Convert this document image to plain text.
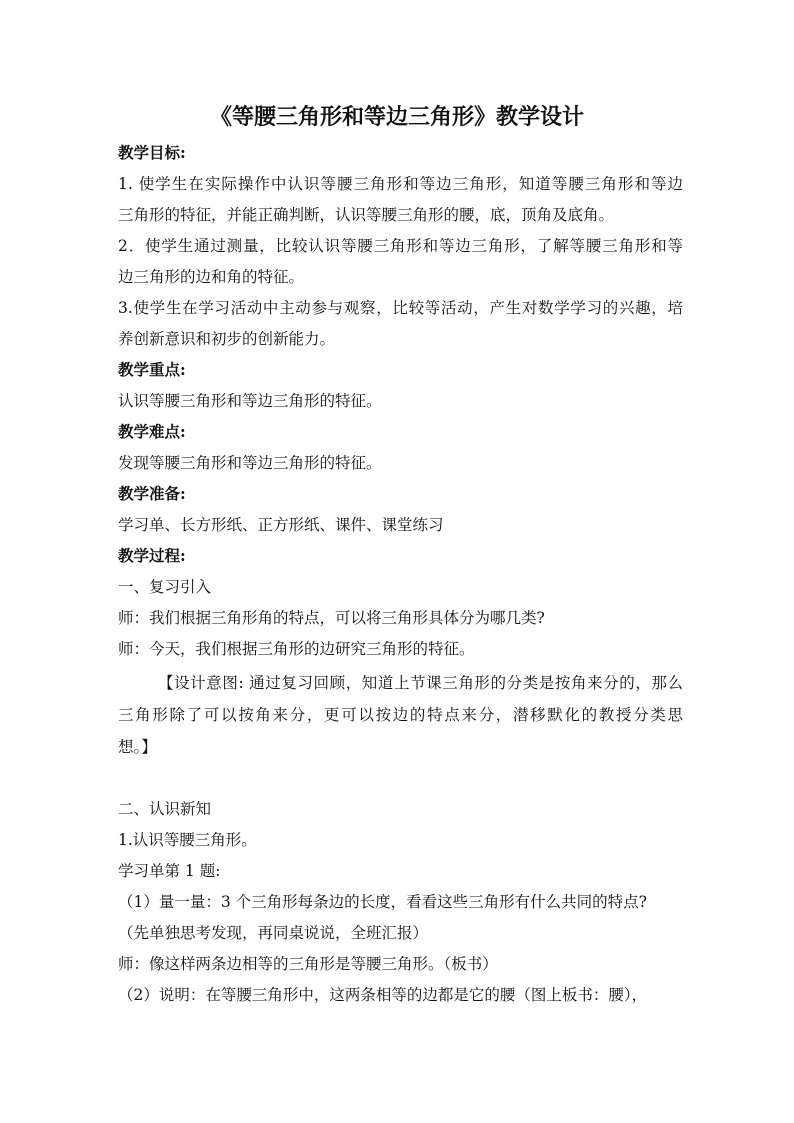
《等腰三角形和等边三角形》教学设计
教学目标:
1. 使学生在实际操作中认识等腰三角形和等边三角形，知道等腰三角形和等边
三角形的特征，并能正确判断，认识等腰三角形的腰，底，顶角及底角。
2．使学生通过测量，比较认识等腰三角形和等边三角形，了解等腰三角形和等
边三角形的边和角的特征。
3.使学生在学习活动中主动参与观察，比较等活动，产生对数学学习的兴趣，培
养创新意识和初步的创新能力。
教学重点:
认识等腰三角形和等边三角形的特征。
教学难点:
发现等腰三角形和等边三角形的特征。
教学准备:
学习单、长方形纸、正方形纸、课件、课堂练习
教学过程:
一、复习引入
师：我们根据三角形角的特点，可以将三角形具体分为哪几类?
师：今天，我们根据三角形的边研究三角形的特征。
【设计意图: 通过复习回顾，知道上节课三角形的分类是按角来分的，那么
三角形除了可以按角来分，更可以按边的特点来分，潜移默化的教授分类思
想。】
二、认识新知
1.认识等腰三角形。
学习单第 1 题:
（1）量一量：3 个三角形每条边的长度，看看这些三角形有什么共同的特点?
（先单独思考发现，再同桌说说，全班汇报）
师：像这样两条边相等的三角形是等腰三角形。（板书）
（2）说明：在等腰三角形中，这两条相等的边都是它的腰（图上板书：腰），
